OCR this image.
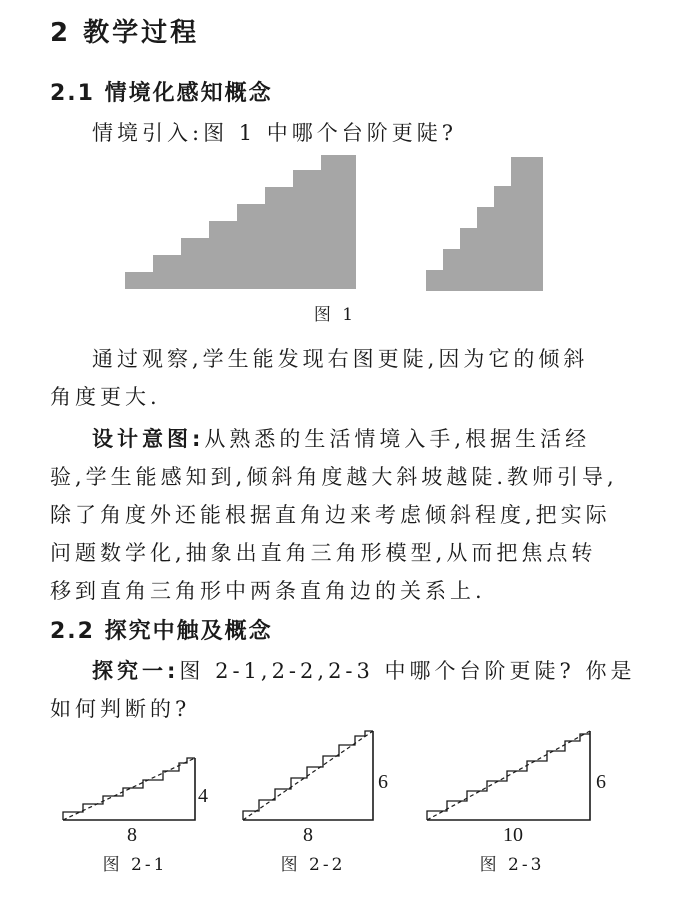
2 教学过程
2.1 情境化感知概念
情境引入:图 1 中哪个台阶更陡?
图 1
通过观察,学生能发现右图更陡,因为它的倾斜
角度更大.
设计意图:从熟悉的生活情境入手,根据生活经
验,学生能感知到,倾斜角度越大斜坡越陡.教师引导,
除了角度外还能根据直角边来考虑倾斜程度,把实际
问题数学化,抽象出直角三角形模型,从而把焦点转
移到直角三角形中两条直角边的关系上.
2.2 探究中触及概念
探究一:图 2-1,2-2,2-3 中哪个台阶更陡? 你是
如何判断的?
4
8
6
8
6
10
图 2-1	图 2-2	图 2-3
